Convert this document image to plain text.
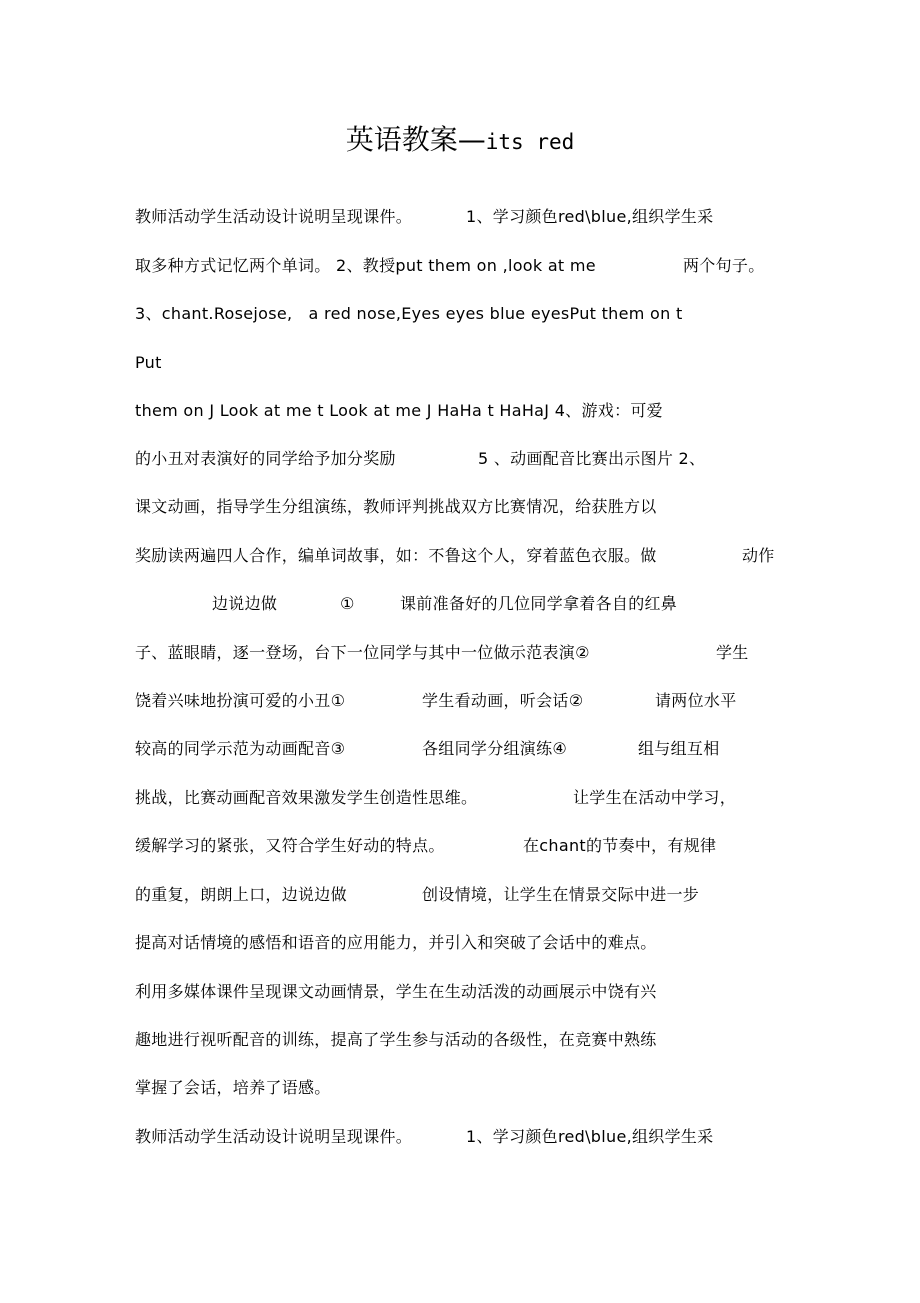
英语教案—its red

教师活动学生活动设计说明呈现课件。

	1、学习颜色red\blue,组织学生采

取多种方式记忆两个单词。 2、教授put them on ,look at me

	两个句子。

3、chant.Rosejose,   a red nose,Eyes eyes blue eyesPut them on t

Put

them on J Look at me t Look at me J HaHa t HaHaJ 4、游戏：可爱

的小丑对表演好的同学给予加分奖励

	5 、动画配音比赛出示图片 2、

课文动画，指导学生分组演练，教师评判挑战双方比赛情况，给获胜方以

奖励读两遍四人合作，编单词故事，如：不鲁这个人，穿着蓝色衣服。做

	动作

边说边做

	①

	课前准备好的几位同学拿着各自的红鼻

子、蓝眼睛，逐一登场，台下一位同学与其中一位做示范表演②

	学生

饶着兴味地扮演可爱的小丑①

	学生看动画，听会话②

	请两位水平

较高的同学示范为动画配音③

	各组同学分组演练④

	组与组互相

挑战，比赛动画配音效果激发学生创造性思维。

	让学生在活动中学习，

缓解学习的紧张，又符合学生好动的特点。

	在chant的节奏中，有规律

的重复，朗朗上口，边说边做

	创设情境，让学生在情景交际中进一步

提高对话情境的感悟和语音的应用能力，并引入和突破了会话中的难点。

利用多媒体课件呈现课文动画情景，学生在生动活泼的动画展示中饶有兴

趣地进行视听配音的训练，提高了学生参与活动的各级性，在竞赛中熟练

掌握了会话，培养了语感。

教师活动学生活动设计说明呈现课件。

	1、学习颜色red\blue,组织学生采
